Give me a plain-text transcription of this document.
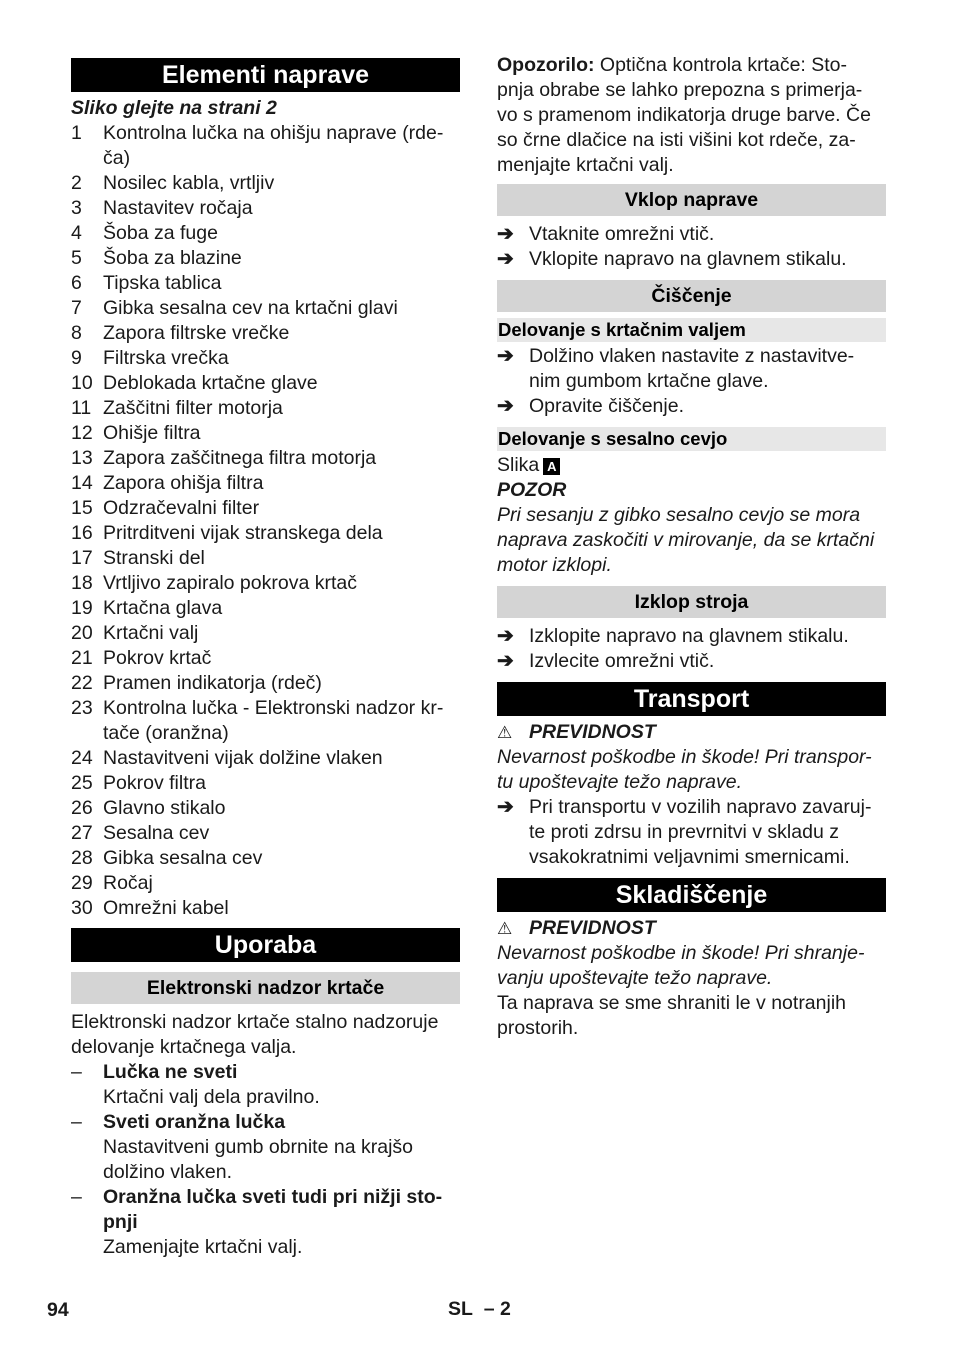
Elementi naprave
Sliko glejte na strani 2
1	Kontrolna lučka na ohišju naprave (rde-
ča)
2	Nosilec kabla, vrtljiv
3	Nastavitev ročaja
4	Šoba za fuge
5	Šoba za blazine
6	Tipska tablica
7	Gibka sesalna cev na krtačni glavi
8	Zapora filtrske vrečke
9	Filtrska vrečka
10 Deblokada krtačne glave
11 Zaščitni filter motorja
12 Ohišje filtra
13 Zapora zaščitnega filtra motorja
14 Zapora ohišja filtra
15 Odzračevalni filter
16 Pritrditveni vijak stranskega dela
17 Stranski del
18 Vrtljivo zapiralo pokrova krtač
19 Krtačna glava
20 Krtačni valj
21 Pokrov krtač
22 Pramen indikatorja (rdeč)
23 Kontrolna lučka - Elektronski nadzor kr-
tače (oranžna)
24 Nastavitveni vijak dolžine vlaken
25 Pokrov filtra
26 Glavno stikalo
27 Sesalna cev
28 Gibka sesalna cev
29 Ročaj
30 Omrežni kabel
Uporaba
Elektronski nadzor krtače
Elektronski nadzor krtače stalno nadzoruje
delovanje krtačnega valja.
–	Lučka ne sveti
Krtačni valj dela pravilno.
–	Sveti oranžna lučka
Nastavitveni gumb obrnite na krajšo
dolžino vlaken.
–	Oranžna lučka sveti tudi pri nižji sto-
pnji
Zamenjajte krtačni valj.
Opozorilo: Optična kontrola krtače: Sto-
pnja obrabe se lahko prepozna s primerja-
vo s pramenom indikatorja druge barve. Če
so črne dlačice na isti višini kot rdeče, za-
menjajte krtačni valj.
Vklop naprave
➔ Vtaknite omrežni vtič.
➔ Vklopite napravo na glavnem stikalu.
Čiščenje
Delovanje s krtačnim valjem
➔ Dolžino vlaken nastavite z nastavitve-
nim gumbom krtačne glave.
➔ Opravite čiščenje.
Delovanje s sesalno cevjo
Slika A
POZOR
Pri sesanju z gibko sesalno cevjo se mora
naprava zaskočiti v mirovanje, da se krtačni
motor izklopi.
Izklop stroja
➔ Izklopite napravo na glavnem stikalu.
➔ Izvlecite omrežni vtič.
Transport
⚠ PREVIDNOST
Nevarnost poškodbe in škode! Pri transpor-
tu upoštevajte težo naprave.
➔ Pri transportu v vozilih napravo zavaruj-
te proti zdrsu in prevrnitvi v skladu z
vsakokratnimi veljavnimi smernicami.
Skladiščenje
⚠ PREVIDNOST
Nevarnost poškodbe in škode! Pri shranje-
vanju upoštevajte težo naprave.
Ta naprava se sme shraniti le v notranjih
prostorih.
94	SL – 2
